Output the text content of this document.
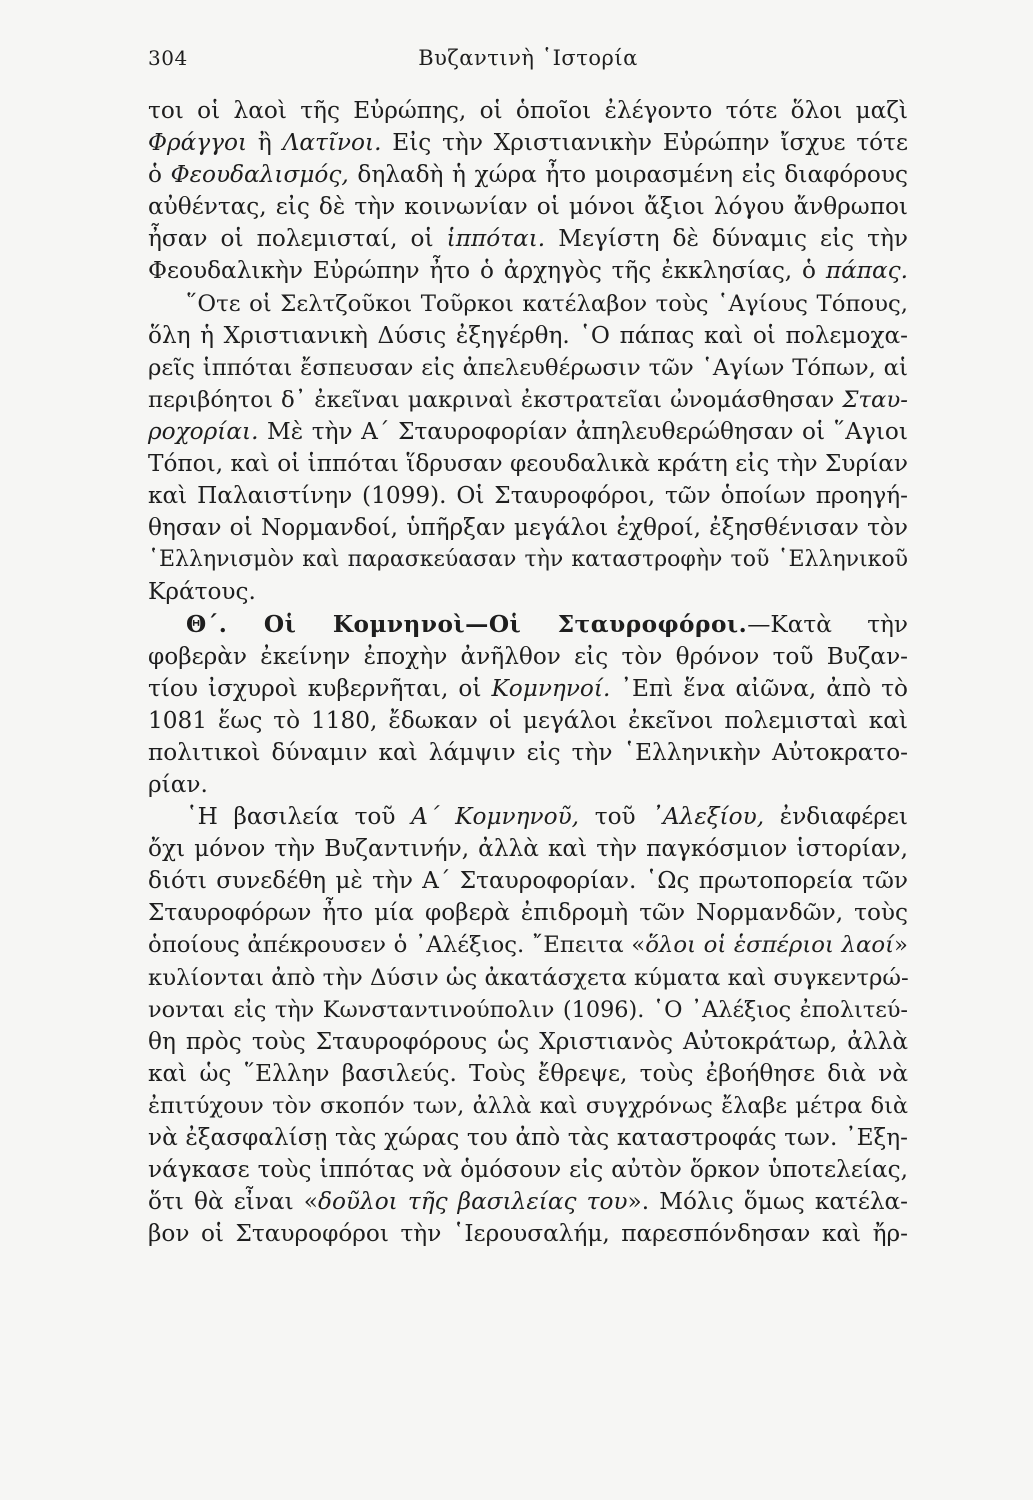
304	Βυζαντινὴ ῾Ιστορία
τοι οἱ λαοὶ τῆς Εὐρώπης, οἱ ὁποῖοι ἐλέγοντο τότε ὅλοι μαζὶ
Φράγγοι ἢ Λατῖνοι. Εἰς τὴν Χριστιανικὴν Εὐρώπην ἴσχυε τότε
ὁ Φεουδαλισμός, δηλαδὴ ἡ χώρα ἦτο μοιρασμένη εἰς διαφόρους
αὐθέντας, εἰς δὲ τὴν κοινωνίαν οἱ μόνοι ἄξιοι λόγου ἄνθρωποι
ἦσαν οἱ πολεμισταί, οἱ ἱππόται. Μεγίστη δὲ δύναμις εἰς τὴν
Φεουδαλικὴν Εὐρώπην ἦτο ὁ ἀρχηγὸς τῆς ἐκκλησίας, ὁ πάπας.
῞Οτε οἱ Σελτζοῦκοι Τοῦρκοι κατέλαβον τοὺς ῾Αγίους Τόπους,
ὅλη ἡ Χριστιανικὴ Δύσις ἐξηγέρθη. ῾Ο πάπας καὶ οἱ πολεμοχα-
ρεῖς ἱππόται ἔσπευσαν εἰς ἀπελευθέρωσιν τῶν ῾Αγίων Τόπων, αἱ
περιβόητοι δ᾽ ἐκεῖναι μακριναὶ ἐκστρατεῖαι ὠνομάσθησαν Σταυ-
ροχορίαι. Μὲ τὴν Α΄ Σταυροφορίαν ἀπηλευθερώθησαν οἱ ῞Αγιοι
Τόποι, καὶ οἱ ἱππόται ἵδρυσαν φεουδαλικὰ κράτη εἰς τὴν Συρίαν
καὶ Παλαιστίνην (1099). Οἱ Σταυροφόροι, τῶν ὁποίων προηγή-
θησαν οἱ Νορμανδοί, ὑπῆρξαν μεγάλοι ἐχθροί, ἐξησθένισαν τὸν
῾Ελληνισμὸν καὶ παρασκεύασαν τὴν καταστροφὴν τοῦ ῾Ελληνικοῦ
Κράτους.
Θ΄. Οἱ Κομνηνοὶ—Οἱ Σταυροφόροι.—Κατὰ τὴν
φοβερὰν ἐκείνην ἐποχὴν ἀνῆλθον εἰς τὸν θρόνον τοῦ Βυζαν-
τίου ἰσχυροὶ κυβερνῆται, οἱ Κομνηνοί. ᾿Επὶ ἕνα αἰῶνα, ἀπὸ τὸ
1081 ἕως τὸ 1180, ἔδωκαν οἱ μεγάλοι ἐκεῖνοι πολεμισταὶ καὶ
πολιτικοὶ δύναμιν καὶ λάμψιν εἰς τὴν ῾Ελληνικὴν Αὐτοκρατο-
ρίαν.
῾Η βασιλεία τοῦ Α΄ Κομνηνοῦ, τοῦ ᾿Αλεξίου, ἐνδιαφέρει
ὄχι μόνον τὴν Βυζαντινήν, ἀλλὰ καὶ τὴν παγκόσμιον ἱστορίαν,
διότι συνεδέθη μὲ τὴν Α΄ Σταυροφορίαν. ῾Ως πρωτοπορεία τῶν
Σταυροφόρων ἦτο μία φοβερὰ ἐπιδρομὴ τῶν Νορμανδῶν, τοὺς
ὁποίους ἀπέκρουσεν ὁ ᾿Αλέξιος. ῎Επειτα «ὅλοι οἱ ἑσπέριοι λαοί»
κυλίονται ἀπὸ τὴν Δύσιν ὡς ἀκατάσχετα κύματα καὶ συγκεντρώ-
νονται εἰς τὴν Κωνσταντινούπολιν (1096). ῾Ο ᾿Αλέξιος ἐπολιτεύ-
θη πρὸς τοὺς Σταυροφόρους ὡς Χριστιανὸς Αὐτοκράτωρ, ἀλλὰ
καὶ ὡς ῞Ελλην βασιλεύς. Τοὺς ἔθρεψε, τοὺς ἐβοήθησε διὰ νὰ
ἐπιτύχουν τὸν σκοπόν των, ἀλλὰ καὶ συγχρόνως ἔλαβε μέτρα διὰ
νὰ ἐξασφαλίσῃ τὰς χώρας του ἀπὸ τὰς καταστροφάς των. ᾿Εξη-
νάγκασε τοὺς ἱππότας νὰ ὁμόσουν εἰς αὐτὸν ὅρκον ὑποτελείας,
ὅτι θὰ εἶναι «δοῦλοι τῆς βασιλείας του». Μόλις ὅμως κατέλα-
βον οἱ Σταυροφόροι τὴν ῾Ιερουσαλήμ, παρεσπόνδησαν καὶ ἤρ-
